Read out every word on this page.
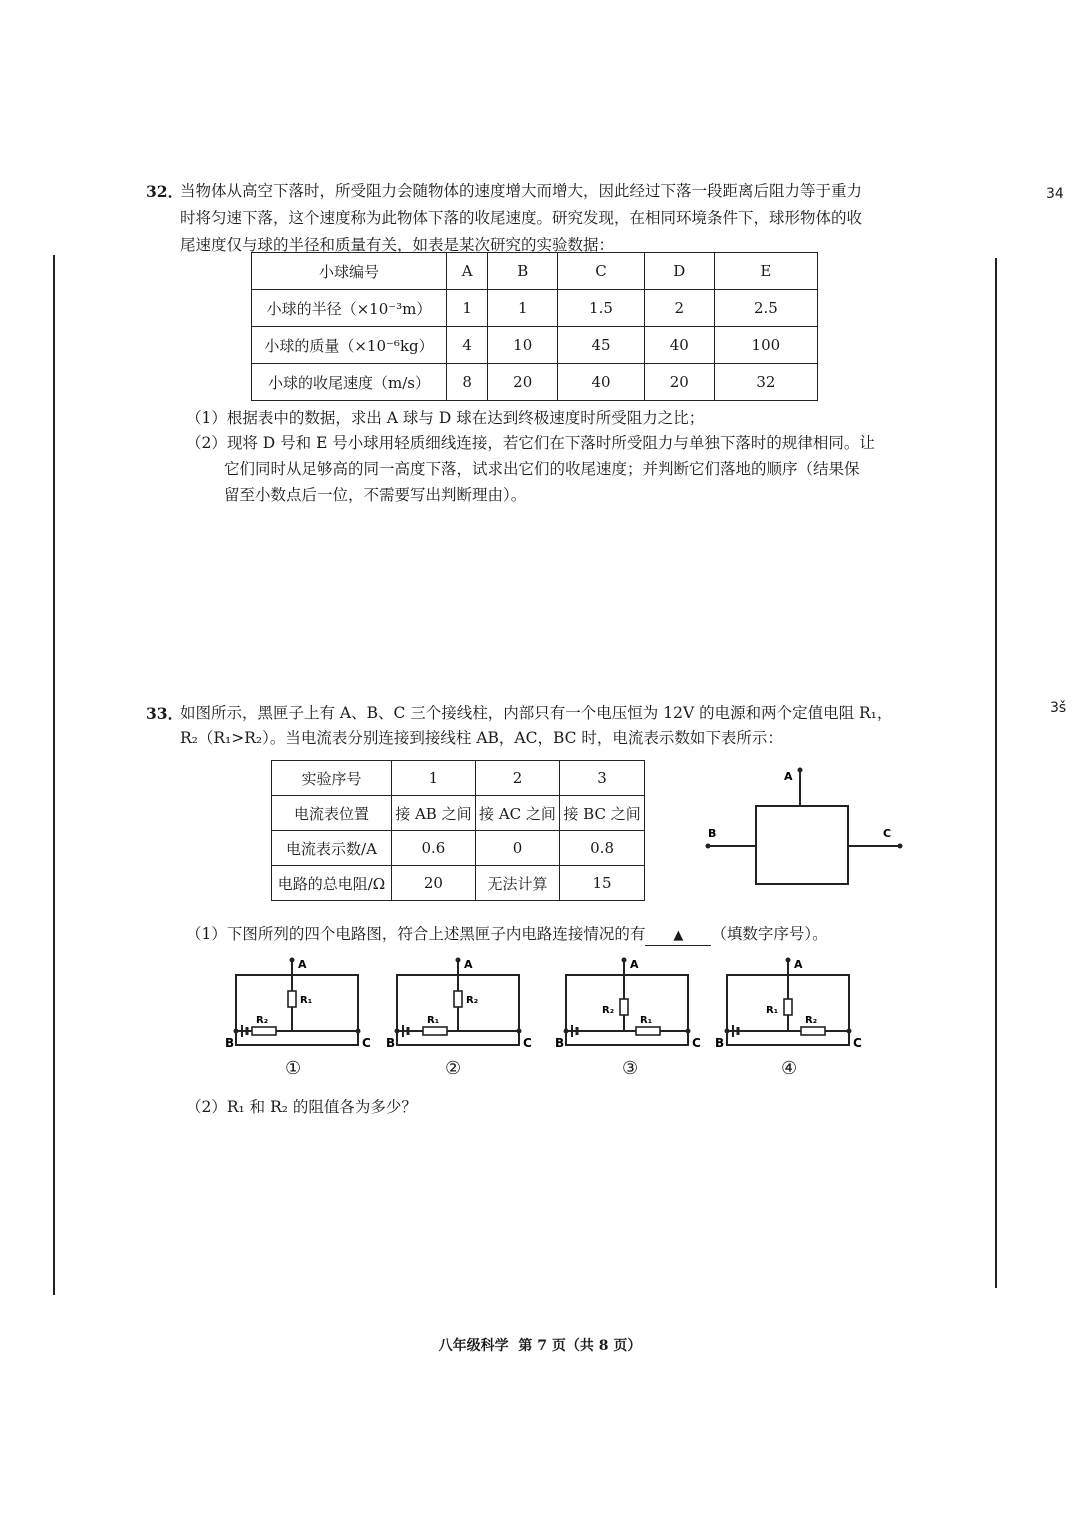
34
3š
32．
当物体从高空下落时，所受阻力会随物体的速度增大而增大，因此经过下落一段距离后阻力等于重力
时将匀速下落，这个速度称为此物体下落的收尾速度。研究发现，在相同环境条件下，球形物体的收
尾速度仅与球的半径和质量有关，如表是某次研究的实验数据：
小球编号	A	B	C	D	E
小球的半径（×10⁻³m）	1	1	1.5	2	2.5
小球的质量（×10⁻⁶kg）	4	10	45	40	100
小球的收尾速度（m/s）	8	20	40	20	32
（1）根据表中的数据，求出 A 球与 D 球在达到终极速度时所受阻力之比；
（2）现将 D 号和 E 号小球用轻质细线连接，若它们在下落时所受阻力与单独下落时的规律相同。让
它们同时从足够高的同一高度下落，试求出它们的收尾速度；并判断它们落地的顺序（结果保
留至小数点后一位，不需要写出判断理由）。
33．
如图所示，黑匣子上有 A、B、C 三个接线柱，内部只有一个电压恒为 12V 的电源和两个定值电阻 R₁，
R₂（R₁>R₂）。当电流表分别连接到接线柱 AB，AC，BC 时，电流表示数如下表所示：
实验序号	1	2	3
电流表位置	接 AB 之间	接 AC 之间	接 BC 之间
电流表示数/A	0.6	0	0.8
电路的总电阻/Ω	20	无法计算	15
A
B	C
（1）下图所列的四个电路图，符合上述黑匣子内电路连接情况的有 ▲ （填数字序号）。
A
R₁
R₂
B	C
①
A
R₂
R₁
B	C
②
A
R₂
R₁
B	C
③
A
R₁
R₂
B	C
④
（2）R₁ 和 R₂ 的阻值各为多少？
八年级科学  第 7 页（共 8 页）
